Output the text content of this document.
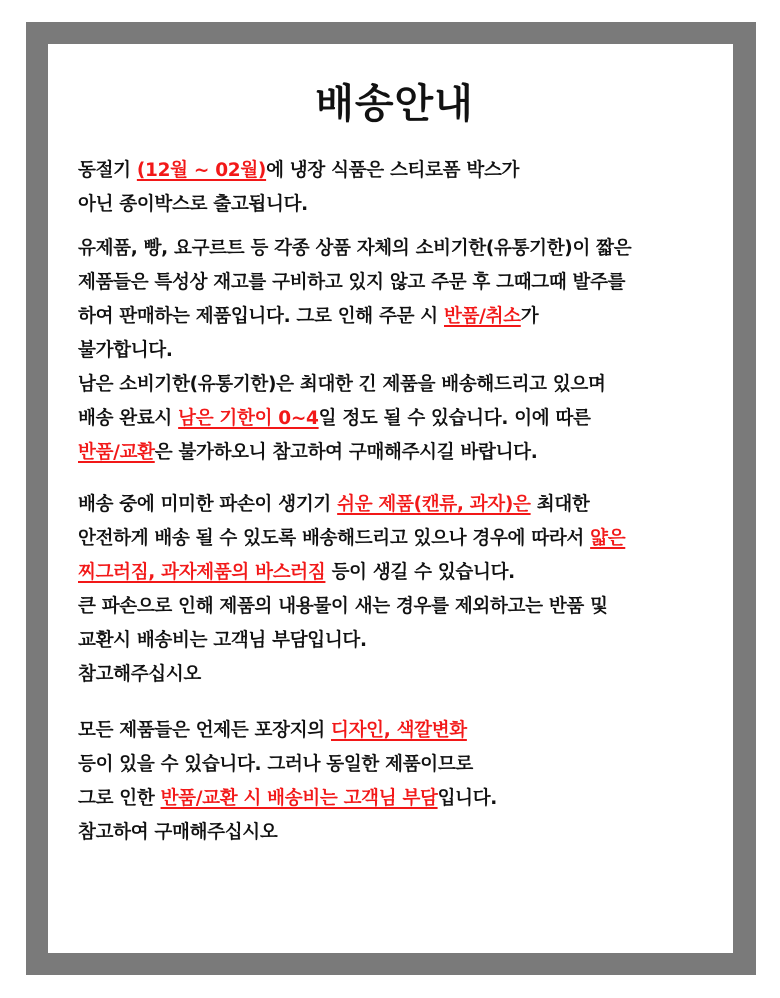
배송안내
동절기 (12월 ~ 02월)에 냉장 식품은 스티로폼 박스가
아닌 종이박스로 출고됩니다.
유제품, 빵, 요구르트 등 각종 상품 자체의 소비기한(유통기한)이 짧은
제품들은 특성상 재고를 구비하고 있지 않고 주문 후 그때그때 발주를
하여 판매하는 제품입니다. 그로 인해 주문 시 반품/취소가
불가합니다.
남은 소비기한(유통기한)은 최대한 긴 제품을 배송해드리고 있으며
배송 완료시 남은 기한이 0~4일 정도 될 수 있습니다. 이에 따른
반품/교환은 불가하오니 참고하여 구매해주시길 바랍니다.
배송 중에 미미한 파손이 생기기 쉬운 제품(캔류, 과자)은 최대한
안전하게 배송 될 수 있도록 배송해드리고 있으나 경우에 따라서 얇은
찌그러짐, 과자제품의 바스러짐 등이 생길 수 있습니다.
큰 파손으로 인해 제품의 내용물이 새는 경우를 제외하고는 반품 및
교환시 배송비는 고객님 부담입니다.
참고해주십시오
모든 제품들은 언제든 포장지의 디자인, 색깔변화
등이 있을 수 있습니다. 그러나 동일한 제품이므로
그로 인한 반품/교환 시 배송비는 고객님 부담입니다.
참고하여 구매해주십시오
